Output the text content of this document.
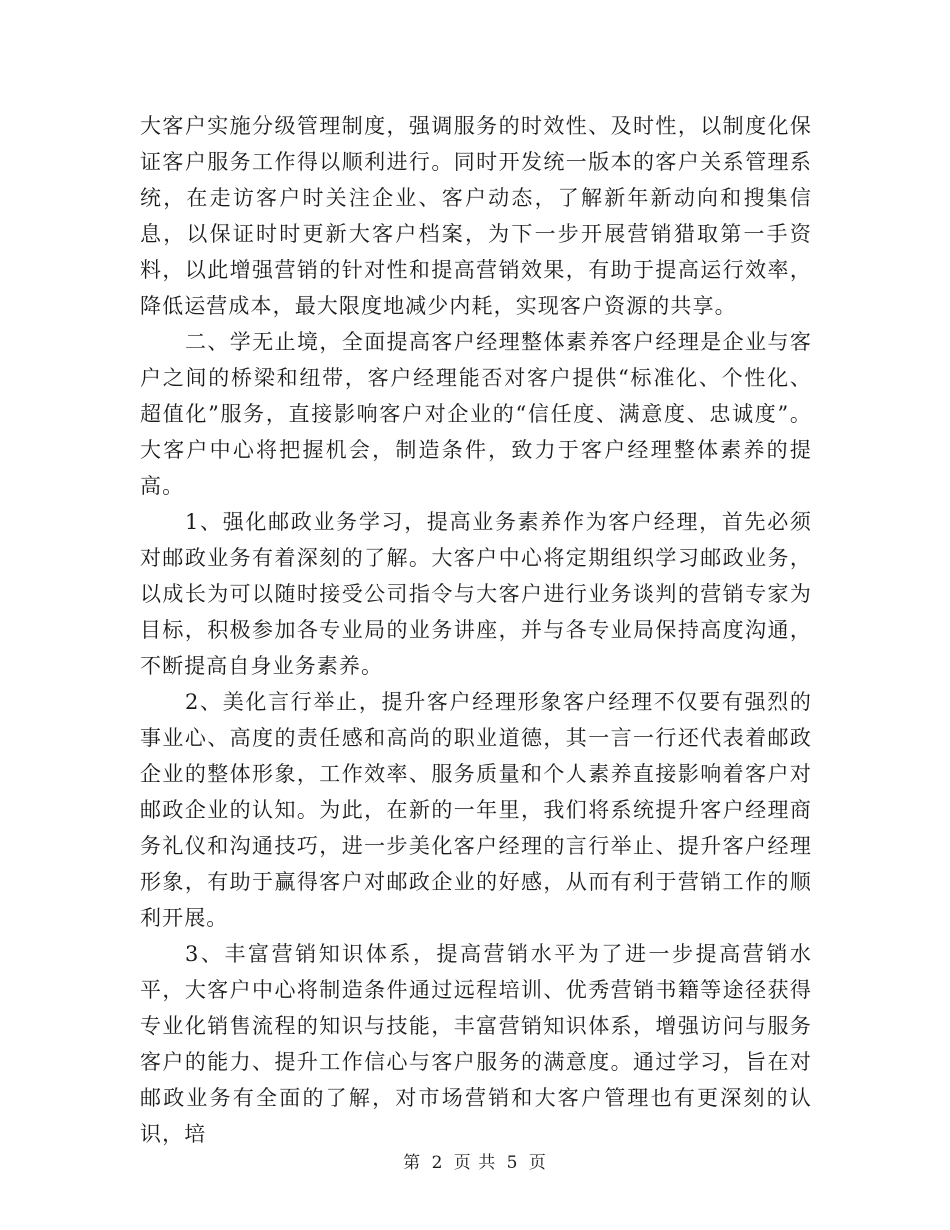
大客户实施分级管理制度，强调服务的时效性、及时性，以制度化保证客户服务工作得以顺利进行。同时开发统一版本的客户关系管理系统，在走访客户时关注企业、客户动态，了解新年新动向和搜集信息，以保证时时更新大客户档案，为下一步开展营销猎取第一手资料，以此增强营销的针对性和提高营销效果，有助于提高运行效率，降低运营成本，最大限度地减少内耗，实现客户资源的共享。

二、学无止境，全面提高客户经理整体素养客户经理是企业与客户之间的桥梁和纽带，客户经理能否对客户提供“标准化、个性化、超值化”服务，直接影响客户对企业的“信任度、满意度、忠诚度”。大客户中心将把握机会，制造条件，致力于客户经理整体素养的提高。

1、强化邮政业务学习，提高业务素养作为客户经理，首先必须对邮政业务有着深刻的了解。大客户中心将定期组织学习邮政业务，以成长为可以随时接受公司指令与大客户进行业务谈判的营销专家为目标，积极参加各专业局的业务讲座，并与各专业局保持高度沟通，不断提高自身业务素养。

2、美化言行举止，提升客户经理形象客户经理不仅要有强烈的事业心、高度的责任感和高尚的职业道德，其一言一行还代表着邮政企业的整体形象，工作效率、服务质量和个人素养直接影响着客户对邮政企业的认知。为此，在新的一年里，我们将系统提升客户经理商务礼仪和沟通技巧，进一步美化客户经理的言行举止、提升客户经理形象，有助于赢得客户对邮政企业的好感，从而有利于营销工作的顺利开展。

3、丰富营销知识体系，提高营销水平为了进一步提高营销水平，大客户中心将制造条件通过远程培训、优秀营销书籍等途径获得专业化销售流程的知识与技能，丰富营销知识体系，增强访问与服务客户的能力、提升工作信心与客户服务的满意度。通过学习，旨在对邮政业务有全面的了解，对市场营销和大客户管理也有更深刻的认识，培

第 2 页 共 5 页
